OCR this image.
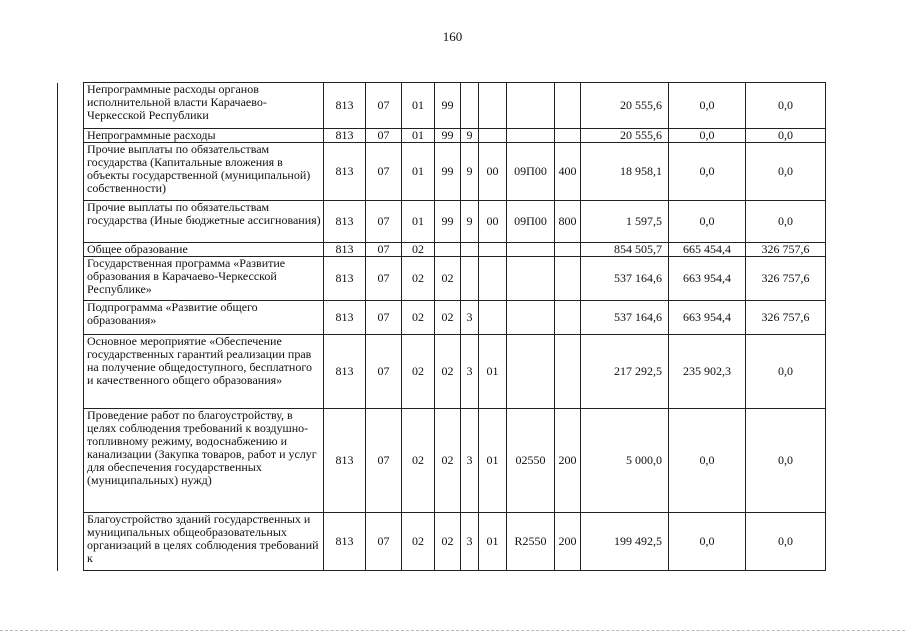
160
	Непрограммные расходы органов исполнительной власти Карачаево-Черкесской Республики	813	07	01	99					20 555,6	0,0	0,0
	Непрограммные расходы	813	07	01	99	9				20 555,6	0,0	0,0
	Прочие выплаты по обязательствам государства (Капитальные вложения в объекты государственной (муниципальной) собственности)	813	07	01	99	9	00	09П00	400	18 958,1	0,0	0,0
	Прочие выплаты по обязательствам государства (Иные бюджетные ассигнования)	813	07	01	99	9	00	09П00	800	1 597,5	0,0	0,0
	Общее образование	813	07	02						854 505,7	665 454,4	326 757,6
	Государственная программа «Развитие образования в Карачаево-Черкесской Республике»	813	07	02	02					537 164,6	663 954,4	326 757,6
	Подпрограмма «Развитие общего образования»	813	07	02	02	3				537 164,6	663 954,4	326 757,6
	Основное мероприятие «Обеспечение государственных гарантий реализации прав на получение общедоступного, бесплатного и качественного общего образования»	813	07	02	02	3	01			217 292,5	235 902,3	0,0
	Проведение работ по благоустройству, в целях соблюдения требований к воздушно-топливному режиму, водоснабжению и канализации (Закупка товаров, работ и услуг для обеспечения государственных (муниципальных) нужд)	813	07	02	02	3	01	02550	200	5 000,0	0,0	0,0
	Благоустройство зданий государственных и муниципальных общеобразовательных организаций в целях соблюдения требований к	813	07	02	02	3	01	R2550	200	199 492,5	0,0	0,0
